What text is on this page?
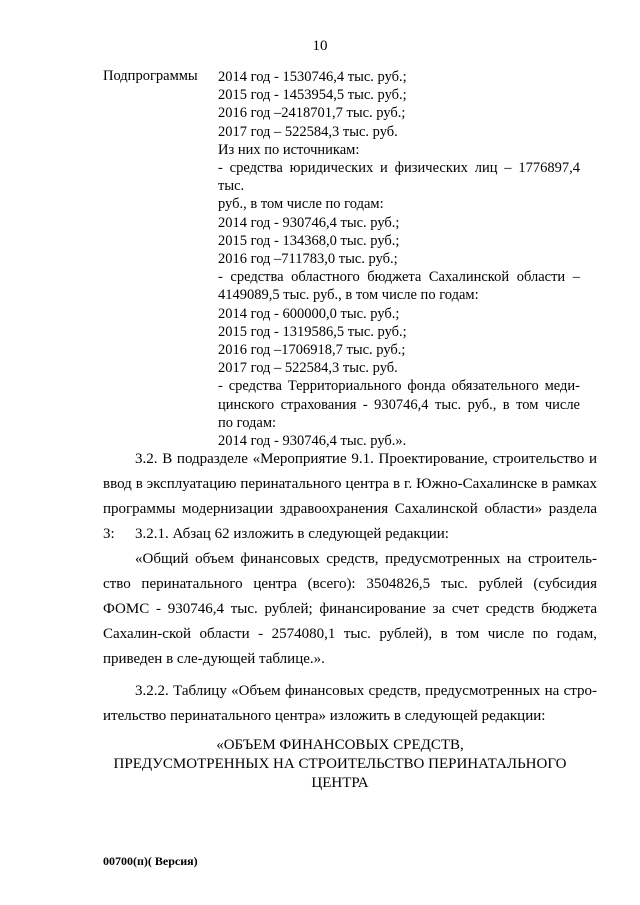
10
Подпрограммы 2014 год - 1530746,4 тыс. руб.;
2015 год - 1453954,5 тыс. руб.;
2016 год –2418701,7 тыс. руб.;
2017 год – 522584,3 тыс. руб.
Из них по источникам:
- средства юридических и физических лиц – 1776897,4 тыс.
руб., в том числе по годам:
2014 год - 930746,4 тыс. руб.;
2015 год - 134368,0 тыс. руб.;
2016 год –711783,0 тыс. руб.;
- средства областного бюджета Сахалинской области –
4149089,5 тыс. руб., в том числе по годам:
2014 год - 600000,0 тыс. руб.;
2015 год - 1319586,5 тыс. руб.;
2016 год –1706918,7 тыс. руб.;
2017 год – 522584,3 тыс. руб.
- средства Территориального фонда обязательного меди-
цинского страхования - 930746,4 тыс. руб., в том числе
по годам:
2014 год - 930746,4 тыс. руб.».

3.2. В подразделе «Мероприятие 9.1. Проектирование, строительство и ввод в эксплуатацию перинатального центра в г. Южно-Сахалинске в рамках программы модернизации здравоохранения Сахалинской области» раздела 3:	3.2.1. Абзац 62 изложить в следующей редакции:

«Общий объем финансовых средств, предусмотренных на строитель-ство перинатального центра (всего): 3504826,5 тыс. рублей (субсидия ФОМС - 930746,4 тыс. рублей; финансирование за счет средств бюджета Сахалин-ской области - 2574080,1 тыс. рублей), в том числе по годам, приведен в сле-дующей таблице.».

3.2.2. Таблицу «Объем финансовых средств, предусмотренных на стро-ительство перинатального центра» изложить в следующей редакции:

«ОБЪЕМ ФИНАНСОВЫХ СРЕДСТВ,
ПРЕДУСМОТРЕННЫХ НА СТРОИТЕЛЬСТВО ПЕРИНАТАЛЬНОГО
ЦЕНТРА
00700(п)( Версия)
